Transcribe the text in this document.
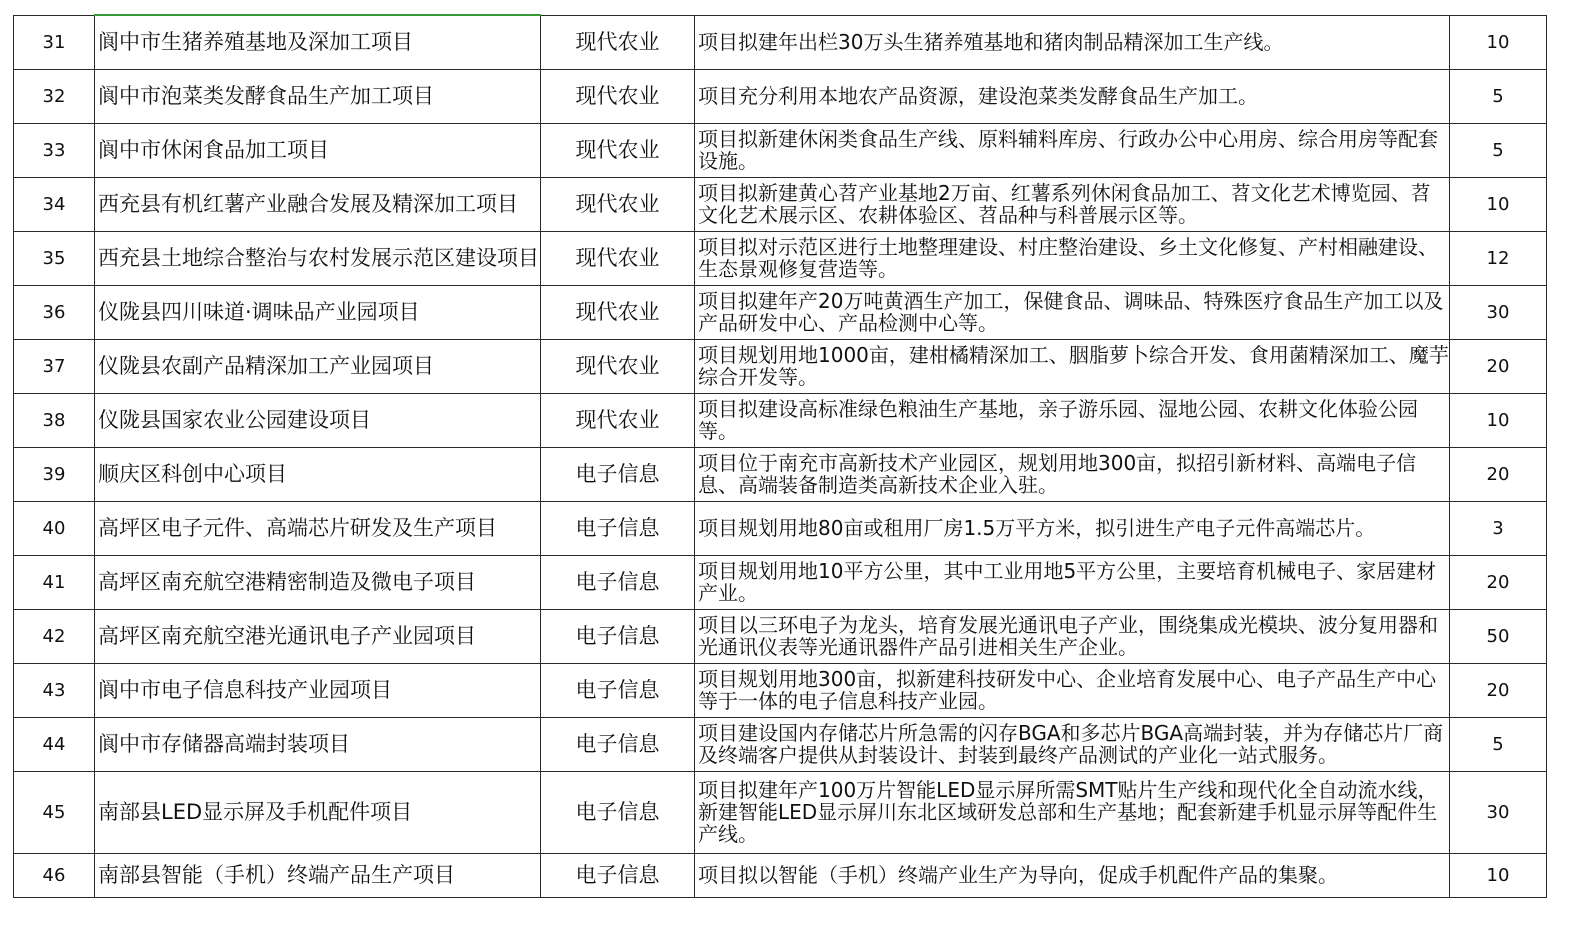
31	阆中市生猪养殖基地及深加工项目	现代农业	项目拟建年出栏30万头生猪养殖基地和猪肉制品精深加工生产线。	10
32	阆中市泡菜类发酵食品生产加工项目	现代农业	项目充分利用本地农产品资源，建设泡菜类发酵食品生产加工。	5
33	阆中市休闲食品加工项目	现代农业	项目拟新建休闲类食品生产线、原料辅料库房、行政办公中心用房、综合用房等配套设施。	5
34	西充县有机红薯产业融合发展及精深加工项目	现代农业	项目拟新建黄心苕产业基地2万亩、红薯系列休闲食品加工、苕文化艺术博览园、苕文化艺术展示区、农耕体验区、苕品种与科普展示区等。	10
35	西充县土地综合整治与农村发展示范区建设项目	现代农业	项目拟对示范区进行土地整理建设、村庄整治建设、乡土文化修复、产村相融建设、生态景观修复营造等。	12
36	仪陇县四川味道·调味品产业园项目	现代农业	项目拟建年产20万吨黄酒生产加工，保健食品、调味品、特殊医疗食品生产加工以及产品研发中心、产品检测中心等。	30
37	仪陇县农副产品精深加工产业园项目	现代农业	项目规划用地1000亩，建柑橘精深加工、胭脂萝卜综合开发、食用菌精深加工、魔芋综合开发等。	20
38	仪陇县国家农业公园建设项目	现代农业	项目拟建设高标准绿色粮油生产基地，亲子游乐园、湿地公园、农耕文化体验公园等。	10
39	顺庆区科创中心项目	电子信息	项目位于南充市高新技术产业园区，规划用地300亩，拟招引新材料、高端电子信息、高端装备制造类高新技术企业入驻。	20
40	高坪区电子元件、高端芯片研发及生产项目	电子信息	项目规划用地80亩或租用厂房1.5万平方米，拟引进生产电子元件高端芯片。	3
41	高坪区南充航空港精密制造及微电子项目	电子信息	项目规划用地10平方公里，其中工业用地5平方公里，主要培育机械电子、家居建材产业。	20
42	高坪区南充航空港光通讯电子产业园项目	电子信息	项目以三环电子为龙头，培育发展光通讯电子产业，围绕集成光模块、波分复用器和光通讯仪表等光通讯器件产品引进相关生产企业。	50
43	阆中市电子信息科技产业园项目	电子信息	项目规划用地300亩，拟新建科技研发中心、企业培育发展中心、电子产品生产中心等于一体的电子信息科技产业园。	20
44	阆中市存储器高端封装项目	电子信息	项目建设国内存储芯片所急需的闪存BGA和多芯片BGA高端封装，并为存储芯片厂商及终端客户提供从封装设计、封装到最终产品测试的产业化一站式服务。	5
45	南部县LED显示屏及手机配件项目	电子信息	项目拟建年产100万片智能LED显示屏所需SMT贴片生产线和现代化全自动流水线，新建智能LED显示屏川东北区域研发总部和生产基地；配套新建手机显示屏等配件生产线。	30
46	南部县智能（手机）终端产品生产项目	电子信息	项目拟以智能（手机）终端产业生产为导向，促成手机配件产品的集聚。	10
